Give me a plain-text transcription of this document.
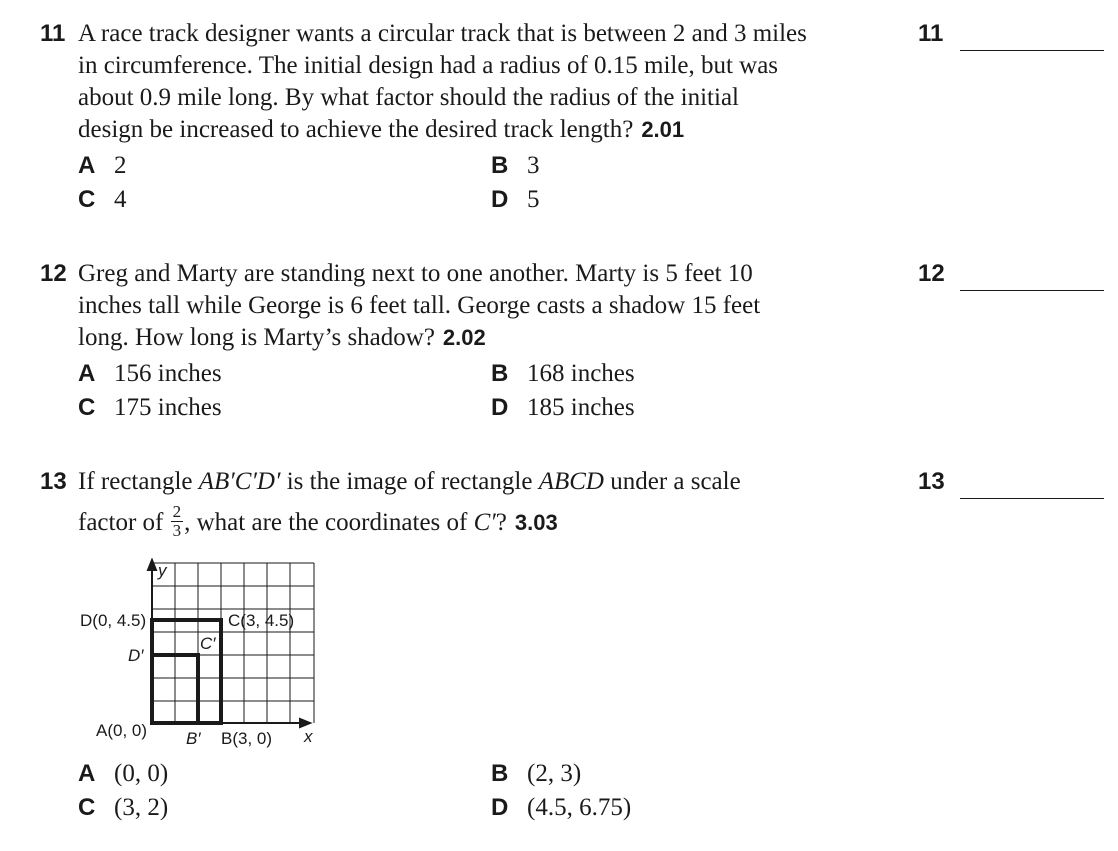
11 A race track designer wants a circular track that is between 2 and 3 miles
in circumference. The initial design had a radius of 0.15 mile, but was
about 0.9 mile long. By what factor should the radius of the initial
design be increased to achieve the desired track length? 2.01
11
A 2	B 3
C 4	D 5
12 Greg and Marty are standing next to one another. Marty is 5 feet 10
inches tall while George is 6 feet tall. George casts a shadow 15 feet
long. How long is Marty’s shadow? 2.02
12
A 156 inches	B 168 inches
C 175 inches	D 185 inches
13 If rectangle AB′C′D′ is the image of rectangle ABCD under a scale
factor of $\frac{2}{3}$ , what are the coordinates of C′? 3.03
13
A (0, 0)	B (2, 3)
C (3, 2)	D (4.5, 6.75)
y
x
D(0, 4.5)	C(3, 4.5)
D′
C′
A(0, 0) B′ B(3, 0)
